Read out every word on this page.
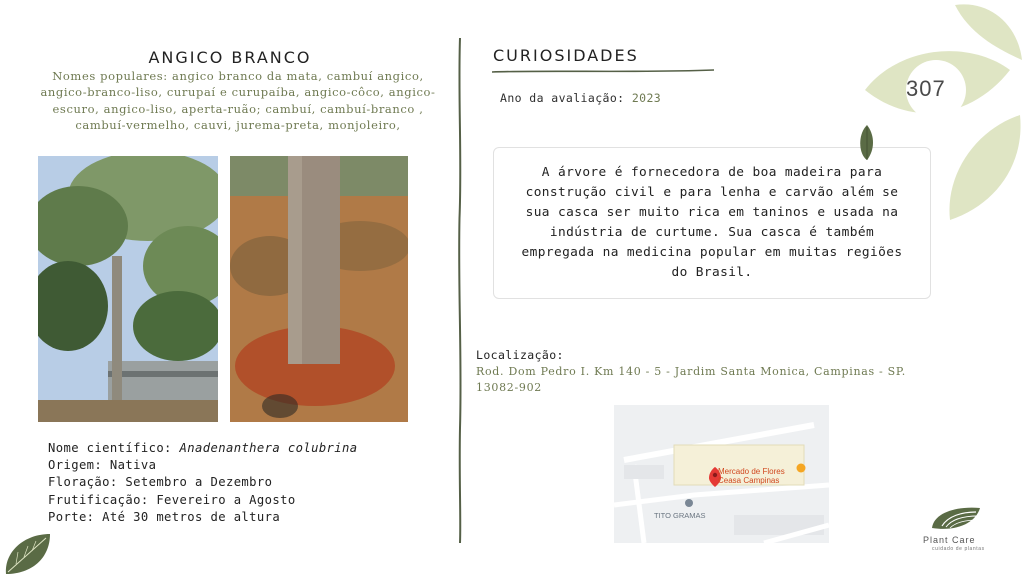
ANGICO BRANCO
Nomes populares: angico branco da mata, cambuí angico, angico-branco-liso, curupaí e curupaíba, angico-côco, angico-escuro, angico-liso, aperta-ruão; cambuí, cambuí-branco , cambuí-vermelho, cauvi, jurema-preta, monjoleiro,
Nome científico: Anadenanthera colubrina
Origem: Nativa
Floração: Setembro a Dezembro
Frutificação: Fevereiro a Agosto
Porte: Até 30 metros de altura
CURIOSIDADES
Ano da avaliação: 2023
A árvore é fornecedora de boa madeira para construção civil e para lenha e carvão além se sua casca ser muito rica em taninos e usada na indústria de curtume. Sua casca é também empregada na medicina popular em muitas regiões do Brasil.
Localização:
Rod. Dom Pedro I. Km 140 - 5 - Jardim Santa Monica, Campinas - SP. 13082-902
Mercado de Flores
Ceasa Campinas
TITO GRAMAS
307
Plant Care
cuidado de plantas
